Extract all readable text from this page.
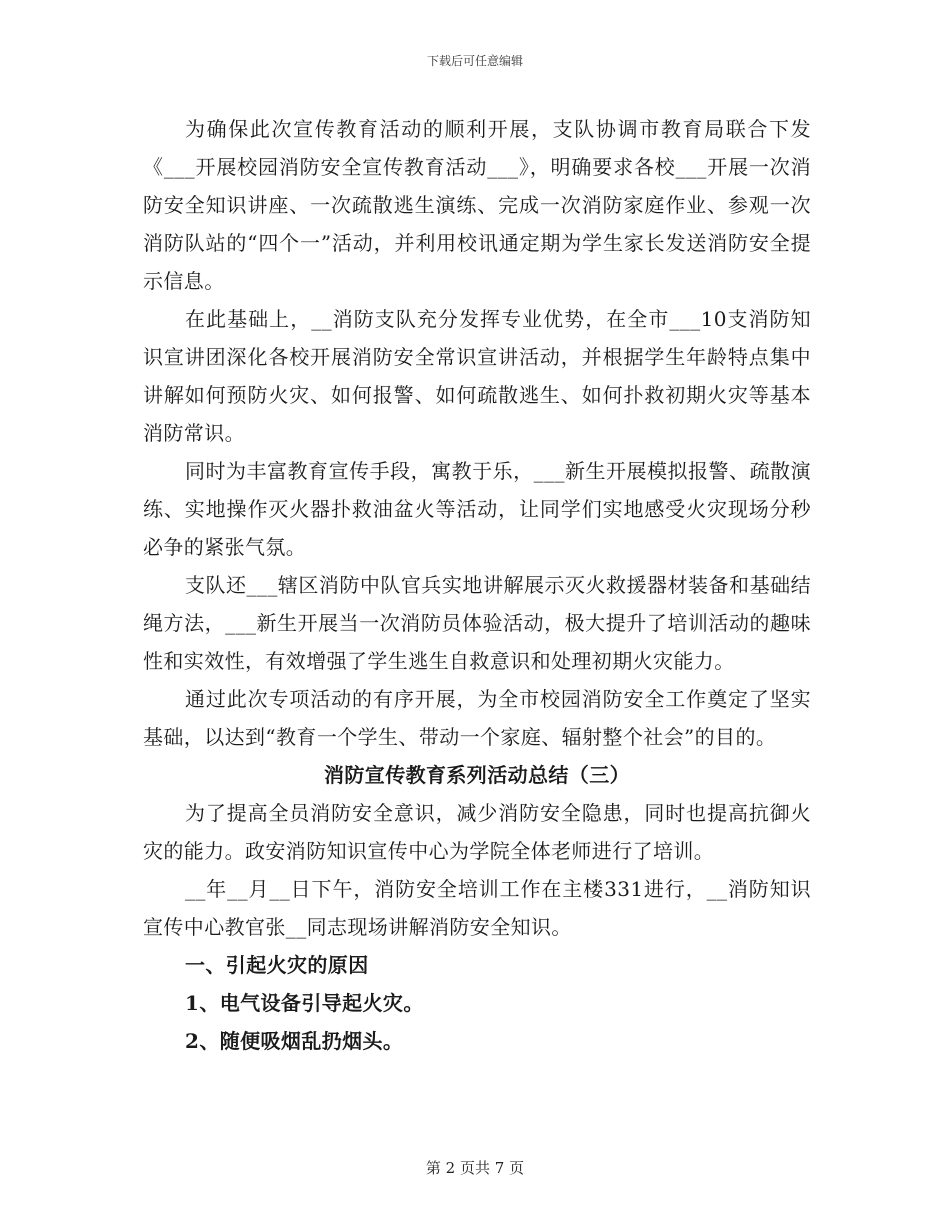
下载后可任意编辑

为确保此次宣传教育活动的顺利开展，支队协调市教育局联合下发《___开展校园消防安全宣传教育活动___》，明确要求各校___开展一次消防安全知识讲座、一次疏散逃生演练、完成一次消防家庭作业、参观一次消防队站的“四个一”活动，并利用校讯通定期为学生家长发送消防安全提示信息。

在此基础上，__消防支队充分发挥专业优势，在全市___10支消防知识宣讲团深化各校开展消防安全常识宣讲活动，并根据学生年龄特点集中讲解如何预防火灾、如何报警、如何疏散逃生、如何扑救初期火灾等基本消防常识。

同时为丰富教育宣传手段，寓教于乐，___新生开展模拟报警、疏散演练、实地操作灭火器扑救油盆火等活动，让同学们实地感受火灾现场分秒必争的紧张气氛。

支队还___辖区消防中队官兵实地讲解展示灭火救援器材装备和基础结绳方法，___新生开展当一次消防员体验活动，极大提升了培训活动的趣味性和实效性，有效增强了学生逃生自救意识和处理初期火灾能力。

通过此次专项活动的有序开展，为全市校园消防安全工作奠定了坚实基础，以达到“教育一个学生、带动一个家庭、辐射整个社会”的目的。

消防宣传教育系列活动总结（三）

为了提高全员消防安全意识，减少消防安全隐患，同时也提高抗御火灾的能力。政安消防知识宣传中心为学院全体老师进行了培训。

__年__月__日下午，消防安全培训工作在主楼331进行，__消防知识宣传中心教官张__同志现场讲解消防安全知识。

一、引起火灾的原因

1、电气设备引导起火灾。

2、随便吸烟乱扔烟头。

第 2 页共 7 页
